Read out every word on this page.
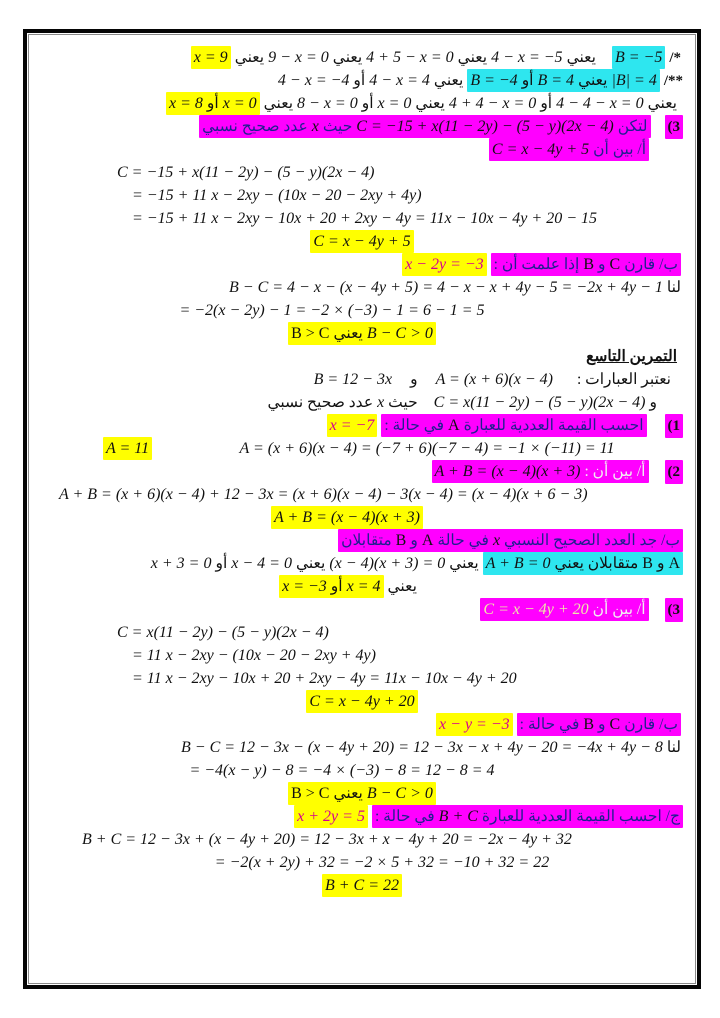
/* B = −5  يعني 4 − x = −5 يعني 4 + 5 − x = 0 يعني 9 − x = 0 يعني x = 9
/** |B| = 4 يعني B = 4 أو B = −4 يعني 4 − x = 4 أو 4 − x = −4
يعني 4 − 4 − x = 0 أو 4 + 4 − x = 0 يعني x = 0 أو 8 − x = 0 يعني x = 0 أو x = 8
(3  لتكن C = −15 + x(11 − 2y) − (5 − y)(2x − 4) حيث x عدد صحيح نسبي
أ/ بين أن C = x − 4y + 5
C = −15 + x(11 − 2y) − (5 − y)(2x − 4)
= −15 + 11 x − 2xy − (10x − 20 − 2xy + 4y)
= −15 + 11 x − 2xy − 10x + 20 + 2xy − 4y = 11x − 10x − 4y + 20 − 15
C = x − 4y + 5
ب/ قارن C و B إذا علمت أن : x − 2y = −3
لنا B − C = 4 − x − (x − 4y + 5) = 4 − x − x + 4y − 5 = −2x + 4y − 1
= −2(x − 2y) − 1 = −2 × (−3) − 1 = 6 − 1 = 5
B − C > 0 يعني B > C
التمرين التاسع
نعتبر العبارات :  A = (x + 6)(x − 4)  و  B = 12 − 3x
و C = x(11 − 2y) − (5 − y)(2x − 4)  حيث x عدد صحيح نسبي
(1  احسب القيمة العددية للعبارة A في حالة : x = −7
A = (x + 6)(x − 4) = (−7 + 6)(−7 − 4) = −1 × (−11) = 11
A = 11
(2  أ/ بين أن : A + B = (x − 4)(x + 3)
A + B = (x + 6)(x − 4) + 12 − 3x = (x + 6)(x − 4) − 3(x − 4) = (x − 4)(x + 6 − 3)
A + B = (x − 4)(x + 3)
ب/ جد العدد الصحيح النسبي x في حالة A و B متقابلان
A و B متقابلان يعني A + B = 0 يعني (x − 4)(x + 3) = 0 يعني x − 4 = 0 أو x + 3 = 0
يعني x = 4 أو x = −3
(3  أ/ بين أن C = x − 4y + 20
C = x(11 − 2y) − (5 − y)(2x − 4)
= 11 x − 2xy − (10x − 20 − 2xy + 4y)
= 11 x − 2xy − 10x + 20 + 2xy − 4y = 11x − 10x − 4y + 20
C = x − 4y + 20
ب/ قارن C و B في حالة : x − y = −3
لنا B − C = 12 − 3x − (x − 4y + 20) = 12 − 3x − x + 4y − 20 = −4x + 4y − 8
= −4(x − y) − 8 = −4 × (−3) − 8 = 12 − 8 = 4
B − C > 0 يعني B > C
ج/ احسب القيمة العددية للعبارة B + C في حالة : x + 2y = 5
B + C = 12 − 3x + (x − 4y + 20) = 12 − 3x + x − 4y + 20 = −2x − 4y + 32
= −2(x + 2y) + 32 = −2 × 5 + 32 = −10 + 32 = 22
B + C = 22
